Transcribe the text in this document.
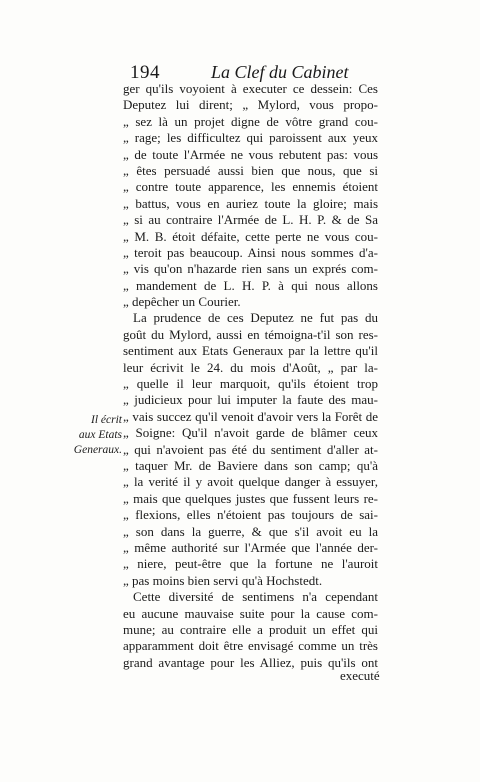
194	La Clef du Cabinet
Il écrit
aux Etats
Generaux.
ger qu'ils voyoient à executer ce dessein: Ces
Deputez lui dirent; „ Mylord, vous propo-
„ sez là un projet digne de vôtre grand cou-
„ rage; les difficultez qui paroissent aux yeux
„ de toute l'Armée ne vous rebutent pas: vous
„ êtes persuadé aussi bien que nous, que si
„ contre toute apparence, les ennemis étoient
„ battus, vous en auriez toute la gloire; mais
„ si au contraire l'Armée de L. H. P. & de Sa
„ M. B. étoit défaite, cette perte ne vous cou-
„ teroit pas beaucoup. Ainsi nous sommes d'a-
„ vis qu'on n'hazarde rien sans un exprés com-
„ mandement de L. H. P. à qui nous allons
„ depêcher un Courier.
La prudence de ces Deputez ne fut pas du
goût du Mylord, aussi en témoigna-t'il son res-
sentiment aux Etats Generaux par la lettre qu'il
leur écrivit le 24. du mois d'Août, „ par la-
„ quelle il leur marquoit, qu'ils étoient trop
„ judicieux pour lui imputer la faute des mau-
„ vais succez qu'il venoit d'avoir vers la Forêt de
„ Soigne: Qu'il n'avoit garde de blâmer ceux
„ qui n'avoient pas été du sentiment d'aller at-
„ taquer Mr. de Baviere dans son camp; qu'à
„ la verité il y avoit quelque danger à essuyer,
„ mais que quelques justes que fussent leurs re-
„ flexions, elles n'étoient pas toujours de sai-
„ son dans la guerre, & que s'il avoit eu la
„ même authorité sur l'Armée que l'année der-
„ niere, peut-être que la fortune ne l'auroit
„ pas moins bien servi qu'à Hochstedt.
Cette diversité de sentimens n'a cependant
eu aucune mauvaise suite pour la cause com-
mune; au contraire elle a produit un effet qui
apparamment doit être envisagé comme un très
grand avantage pour les Alliez, puis qu'ils ont
executé
